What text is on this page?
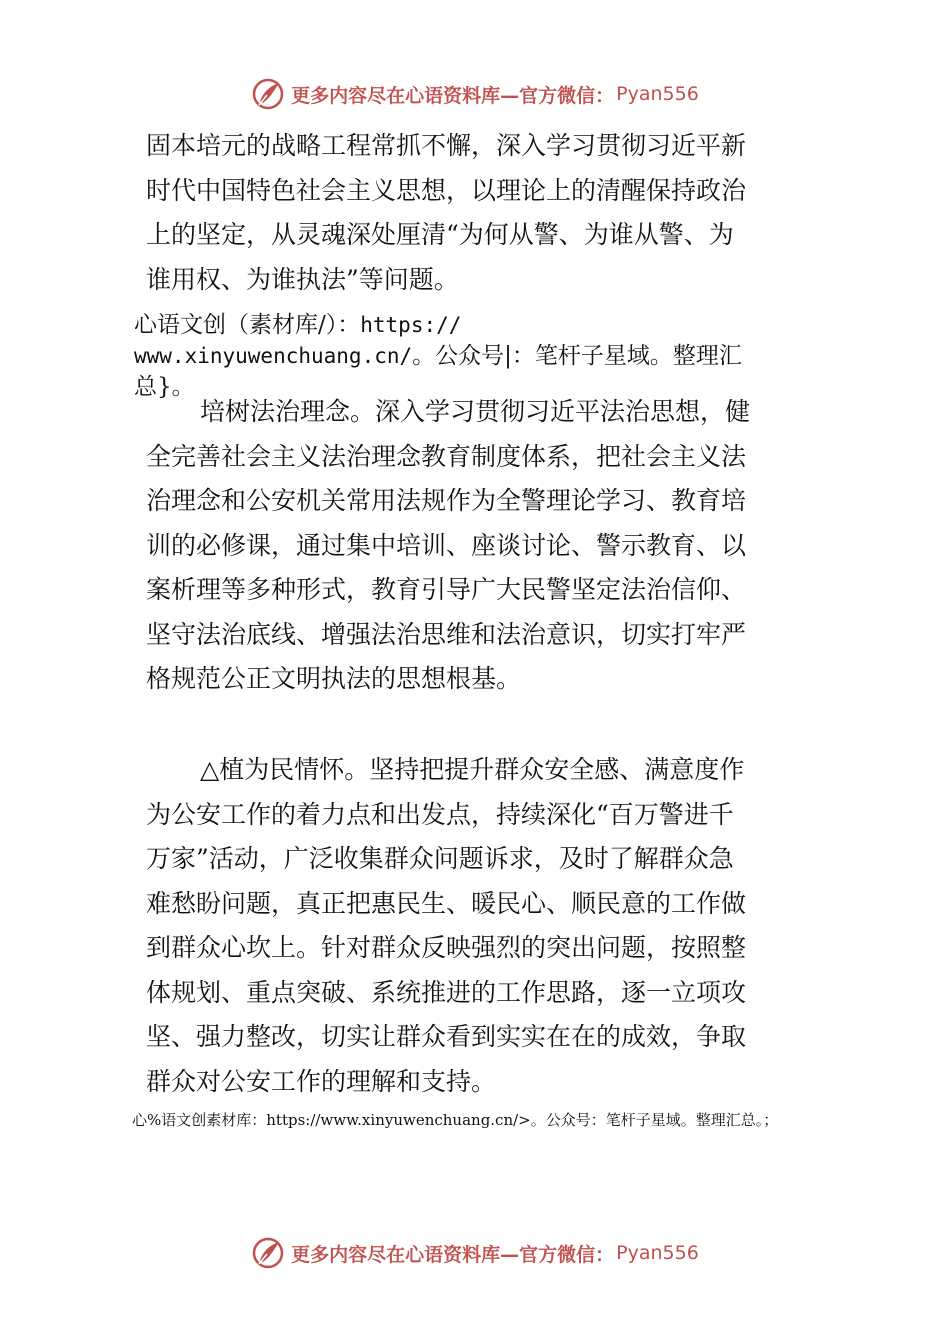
更多内容尽在心语资料库—官方微信： Pyan556
固本培元的战略工程常抓不懈，深入学习贯彻习近平新
时代中国特色社会主义思想，以理论上的清醒保持政治
上的坚定，从灵魂深处厘清“为何从警、为谁从警、为
谁用权、为谁执法”等问题。
心语文创（素材库/）：https://
www.xinyuwenchuang.cn/。公众号|：笔杆子星域。整理汇
总}。
培树法治理念。深入学习贯彻习近平法治思想，健
全完善社会主义法治理念教育制度体系，把社会主义法
治理念和公安机关常用法规作为全警理论学习、教育培
训的必修课，通过集中培训、座谈讨论、警示教育、以
案析理等多种形式，教育引导广大民警坚定法治信仰、
坚守法治底线、增强法治思维和法治意识，切实打牢严
格规范公正文明执法的思想根基。
△植为民情怀。坚持把提升群众安全感、满意度作
为公安工作的着力点和出发点，持续深化“百万警进千
万家”活动，广泛收集群众问题诉求，及时了解群众急
难愁盼问题，真正把惠民生、暖民心、顺民意的工作做
到群众心坎上。针对群众反映强烈的突出问题，按照整
体规划、重点突破、系统推进的工作思路，逐一立项攻
坚、强力整改，切实让群众看到实实在在的成效，争取
群众对公安工作的理解和支持。
心%语文创素材库：https://www.xinyuwenchuang.cn/>。公众号：笔杆子星域。整理汇总。；
更多内容尽在心语资料库—官方微信： Pyan556
